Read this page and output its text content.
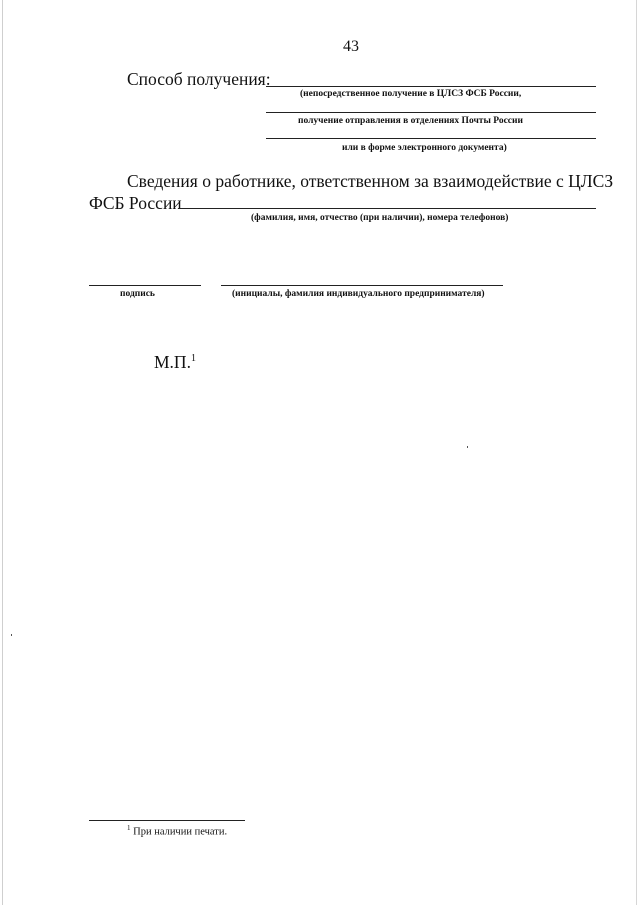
43
Способ получения:
(непосредственное получение в ЦЛСЗ ФСБ России,
получение отправления в отделениях Почты России
или в форме электронного документа)
Сведения о работнике, ответственном за взаимодействие с ЦЛСЗ
ФСБ России
(фамилия, имя, отчество (при наличии), номера телефонов)
подпись	(инициалы, фамилия индивидуального предпринимателя)
М.П.$^1$
$^1$ При наличии печати.
